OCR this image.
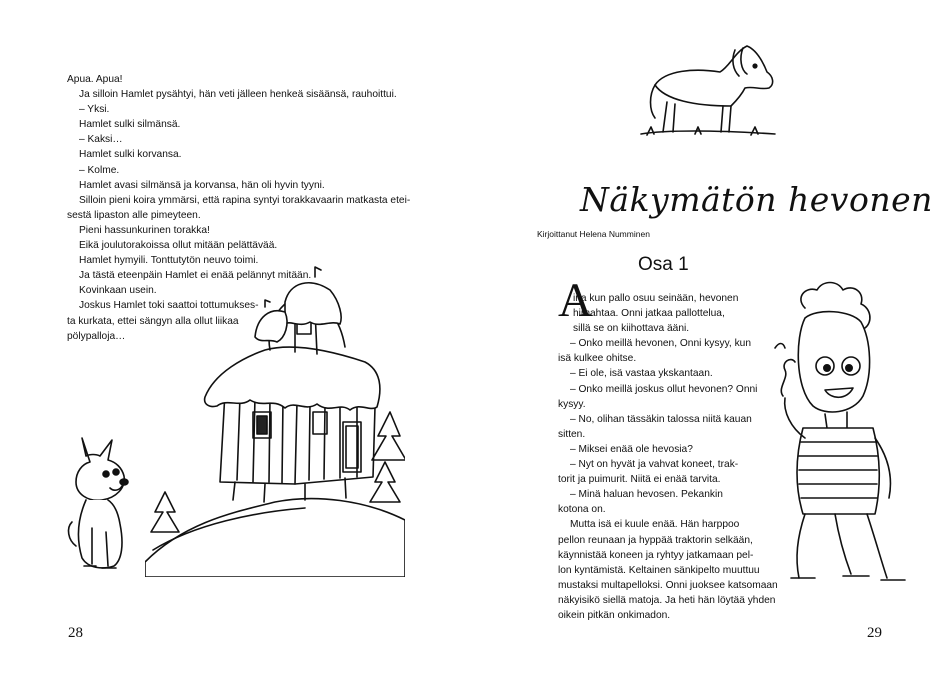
Apua. Apua!
Ja silloin Hamlet pysähtyi, hän veti jälleen henkeä sisäänsä, rauhoittui.
– Yksi.
Hamlet sulki silmänsä.
– Kaksi…
Hamlet sulki korvansa.
– Kolme.
Hamlet avasi silmänsä ja korvansa, hän oli hyvin tyyni.
Silloin pieni koira ymmärsi, että rapina syntyi torakkavaarin matkasta etei-
sestä lipaston alle pimeyteen.
Pieni hassunkurinen torakka!
Eikä joulutorakoissa ollut mitään pelättävää.
Hamlet hymyili. Tonttutytön neuvo toimi.
Ja tästä eteenpäin Hamlet ei enää pelännyt mitään.
Kovinkaan usein.
Joskus Hamlet toki saattoi tottumukses-
ta kurkata, ettei sängyn alla ollut liikaa
pölypalloja…
28
Näkymätön hevonen
Kirjoittanut Helena Numminen
Osa 1
A
ina kun pallo osuu seinään, hevonen
hirnahtaa. Onni jatkaa pallottelua,
sillä se on kiihottava ääni.
– Onko meillä hevonen, Onni kysyy, kun
isä kulkee ohitse.
– Ei ole, isä vastaa ykskantaan.
– Onko meillä joskus ollut hevonen? Onni
kysyy.
– No, olihan tässäkin talossa niitä kauan
sitten.
– Miksei enää ole hevosia?
– Nyt on hyvät ja vahvat koneet, trak-
torit ja puimurit. Niitä ei enää tarvita.
– Minä haluan hevosen. Pekankin
kotona on.
Mutta isä ei kuule enää. Hän harppoo
pellon reunaan ja hyppää traktorin selkään,
käynnistää koneen ja ryhtyy jatkamaan pel-
lon kyntämistä. Keltainen sänkipelto muuttuu
mustaksi multapelloksi. Onni juoksee katsomaan
näkyisikö siellä matoja. Ja heti hän löytää yhden
oikein pitkän onkimadon.
29
